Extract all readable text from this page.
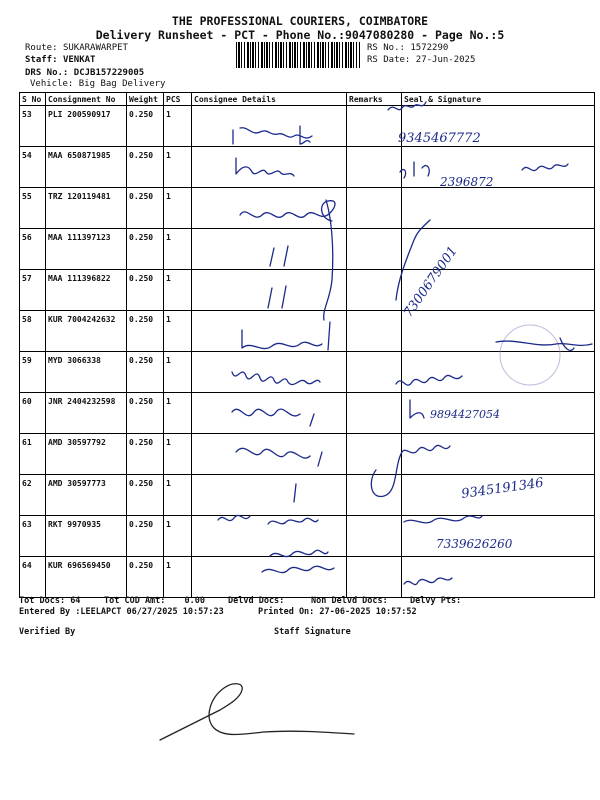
THE PROFESSIONAL COURIERS, COIMBATORE
Delivery Runsheet - PCT - Phone No.:9047080280 - Page No.:5
Route: SUKARAWARPET
Staff: VENKAT
DRS No.: DCJB157229005
Vehicle: Big Bag Delivery
RS No.: 1572290
RS Date: 27-Jun-2025
S No	Consignment No	Weight	PCS	Consignee Details	Remarks	Seal & Signature
53	PLI 200590917	0.250	1			
54	MAA 650871985	0.250	1			
55	TRZ 120119481	0.250	1			
56	MAA 111397123	0.250	1			
57	MAA 111396822	0.250	1			
58	KUR 7004242632	0.250	1			
59	MYD 3066338	0.250	1			
60	JNR 2404232598	0.250	1			
61	AMD 30597792	0.250	1			
62	AMD 30597773	0.250	1			
63	RKT 9970935	0.250	1			
64	KUR 696569450	0.250	1			
9345467772
2396872
7300679001
9894427054
9345191346
7339626260
Tot Docs: 64	Tot COD Amt: 0.00	Delvd Docs:	Non Delvd Docs:	Delvy Pts:
Entered By :LEELAPCT 06/27/2025 10:57:23	Printed On: 27-06-2025 10:57:52
Verified By	Staff Signature
